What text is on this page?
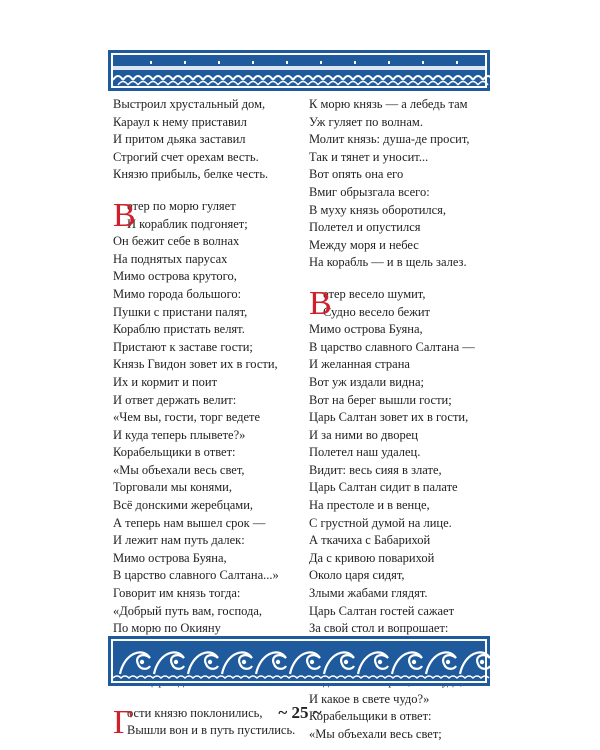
Выстроил хрустальный дом,
Караул к нему приставил
И притом дьяка заставил
Строгий счет орехам весть.
Князю прибыль, белке честь.
В
етер по морю гуляет
И кораблик подгоняет;
Он бежит себе в волнах
На поднятых парусах
Мимо острова крутого,
Мимо города большого:
Пушки с пристани палят,
Кораблю пристать велят.
Пристают к заставе гости;
Князь Гвидон зовет их в гости,
Их и кормит и поит
И ответ держать велит:
«Чем вы, гости, торг ведете
И куда теперь плывете?»
Корабельщики в ответ:
«Мы объехали весь свет,
Торговали мы конями,
Всё донскими жеребцами,
А теперь нам вышел срок —
И лежит нам путь далек:
Мимо острова Буяна,
В царство славного Салтана...»
Говорит им князь тогда:
«Добрый путь вам, господа,
По морю по Окияну
Г
ости князю поклонились,
Вышли вон и в путь пустились.
К морю князь — а лебедь там
Уж гуляет по волнам.
Молит князь: душа-де просит,
Так и тянет и уносит...
Вот опять она его
Вмиг обрызгала всего:
В муху князь оборотился,
Полетел и опустился
Между моря и небес
На корабль — и в щель залез.
В
етер весело шумит,
Судно весело бежит
Мимо острова Буяна,
В царство славного Салтана —
И желанная страна
Вот уж издали видна;
Вот на берег вышли гости;
Царь Салтан зовет их в гости,
И за ними во дворец
Полетел наш удалец.
Видит: весь сияя в злате,
Царь Салтан сидит в палате
На престоле и в венце,
С грустной думой на лице.
А ткачиха с Бабарихой
Да с кривою поварихой
Около царя сидят,
Злыми жабами глядят.
Царь Салтан гостей сажает
За свой стол и вопрошает:
И какое в свете чудо?»
Корабельщики в ответ:
«Мы объехали весь свет;
~ 25 ~
